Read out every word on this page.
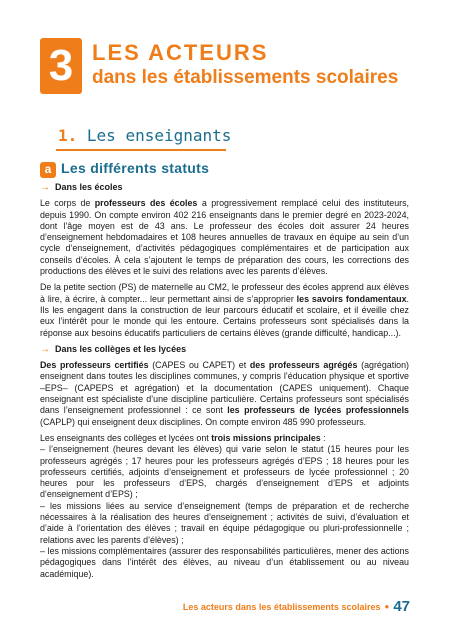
3 LES ACTEURS
dans les établissements scolaires
1. Les enseignants
a Les différents statuts
→ Dans les écoles

Le corps de professeurs des écoles a progressivement remplacé celui des instituteurs, depuis 1990. On compte environ 402 216 enseignants dans le premier degré en 2023-2024, dont l’âge moyen est de 43 ans. Le professeur des écoles doit assurer 24 heures d’enseignement hebdomadaires et 108 heures annuelles de travaux en équipe au sein d’un cycle d’enseignement, d’activités pédagogiques complémentaires et de participation aux conseils d’écoles. À cela s’ajoutent le temps de préparation des cours, les corrections des productions des élèves et le suivi des relations avec les parents d’élèves.

De la petite section (PS) de maternelle au CM2, le professeur des écoles apprend aux élèves à lire, à écrire, à compter... leur permettant ainsi de s’approprier les savoirs fondamentaux. Ils les engagent dans la construction de leur parcours éducatif et scolaire, et il éveille chez eux l’intérêt pour le monde qui les entoure. Certains professeurs sont spécialisés dans la réponse aux besoins éducatifs particuliers de certains élèves (grande difficulté, handicap...).

→ Dans les collèges et les lycées

Des professeurs certifiés (CAPES ou CAPET) et des professeurs agrégés (agrégation) enseignent dans toutes les disciplines communes, y compris l’éducation physique et sportive –EPS– (CAPEPS et agrégation) et la documentation (CAPES uniquement). Chaque enseignant est spécialiste d’une discipline particulière. Certains professeurs sont spécialisés dans l’enseignement professionnel : ce sont les professeurs de lycées professionnels (CAPLP) qui enseignent deux disciplines. On compte environ 485 990 professeurs.

Les enseignants des collèges et lycées ont trois missions principales :

– l’enseignement (heures devant les élèves) qui varie selon le statut (15 heures pour les professeurs agrégés ; 17 heures pour les professeurs agrégés d’EPS ; 18 heures pour les professeurs certifiés, adjoints d’enseignement et professeurs de lycée professionnel ; 20 heures pour les professeurs d’EPS, chargés d’enseignement d’EPS et adjoints d’enseignement d’EPS) ;

– les missions liées au service d’enseignement (temps de préparation et de recherche nécessaires à la réalisation des heures d’enseignement ; activités de suivi, d’évaluation et d’aide à l’orientation des élèves ; travail en équipe pédagogique ou pluri-professionnelle ; relations avec les parents d’élèves) ;

– les missions complémentaires (assurer des responsabilités particulières, mener des actions pédagogiques dans l’intérêt des élèves, au niveau d’un établissement ou au niveau académique).

Les acteurs dans les établissements scolaires ● 47
